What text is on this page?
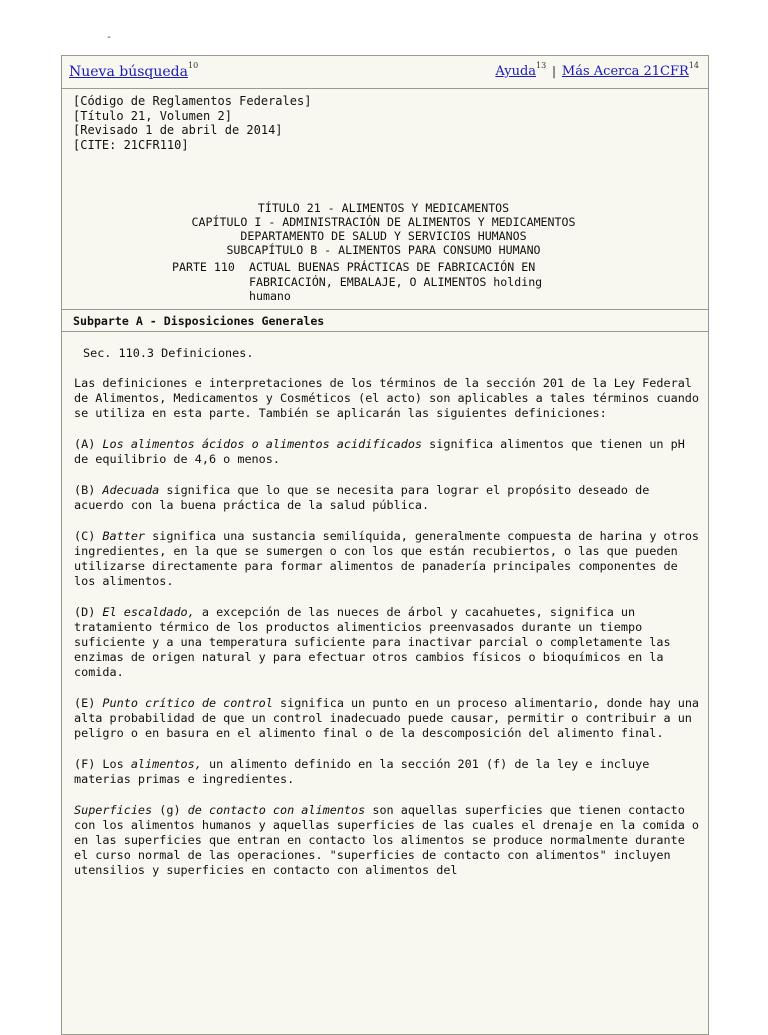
-
Nueva búsqueda$^{10}$	Ayuda$^{13}$ | Más Acerca 21CFR$^{14}$
[Código de Reglamentos Federales]
[Título 21, Volumen 2]
[Revisado 1 de abril de 2014]
[CITE: 21CFR110]
TÍTULO 21 - ALIMENTOS Y MEDICAMENTOS
CAPÍTULO I - ADMINISTRACIÓN DE ALIMENTOS Y MEDICAMENTOS
DEPARTAMENTO DE SALUD Y SERVICIOS HUMANOS
SUBCAPÍTULO B - ALIMENTOS PARA CONSUMO HUMANO
PARTE 110 ACTUAL BUENAS PRÁCTICAS DE FABRICACIÓN EN FABRICACIÓN, EMBALAJE, O ALIMENTOS holding humano
Subparte A - Disposiciones Generales

Sec. 110.3 Definiciones.

Las definiciones e interpretaciones de los términos de la sección 201 de la Ley Federal de Alimentos, Medicamentos y Cosméticos (el acto) son aplicables a tales términos cuando se utiliza en esta parte. También se aplicarán las siguientes definiciones:

(A) Los alimentos ácidos o alimentos acidificados significa alimentos que tienen un pH de equilibrio de 4,6 o menos.

(B) Adecuada significa que lo que se necesita para lograr el propósito deseado de acuerdo con la buena práctica de la salud pública.

(C) Batter significa una sustancia semilíquida, generalmente compuesta de harina y otros ingredientes, en la que se sumergen o con los que están recubiertos, o las que pueden utilizarse directamente para formar alimentos de panadería principales componentes de los alimentos.

(D) El escaldado, a excepción de las nueces de árbol y cacahuetes, significa un tratamiento térmico de los productos alimenticios preenvasados durante un tiempo suficiente y a una temperatura suficiente para inactivar parcial o completamente las enzimas de origen natural y para efectuar otros cambios físicos o bioquímicos en la comida.

(E) Punto crítico de control significa un punto en un proceso alimentario, donde hay una alta probabilidad de que un control inadecuado puede causar, permitir o contribuir a un peligro o en basura en el alimento final o de la descomposición del alimento final.

(F) Los alimentos, un alimento definido en la sección 201 (f) de la ley e incluye materias primas e ingredientes.

Superficies (g) de contacto con alimentos son aquellas superficies que tienen contacto con los alimentos humanos y aquellas superficies de las cuales el drenaje en la comida o en las superficies que entran en contacto los alimentos se produce normalmente durante el curso normal de las operaciones. "superficies de contacto con alimentos" incluyen utensilios y superficies en contacto con alimentos del
